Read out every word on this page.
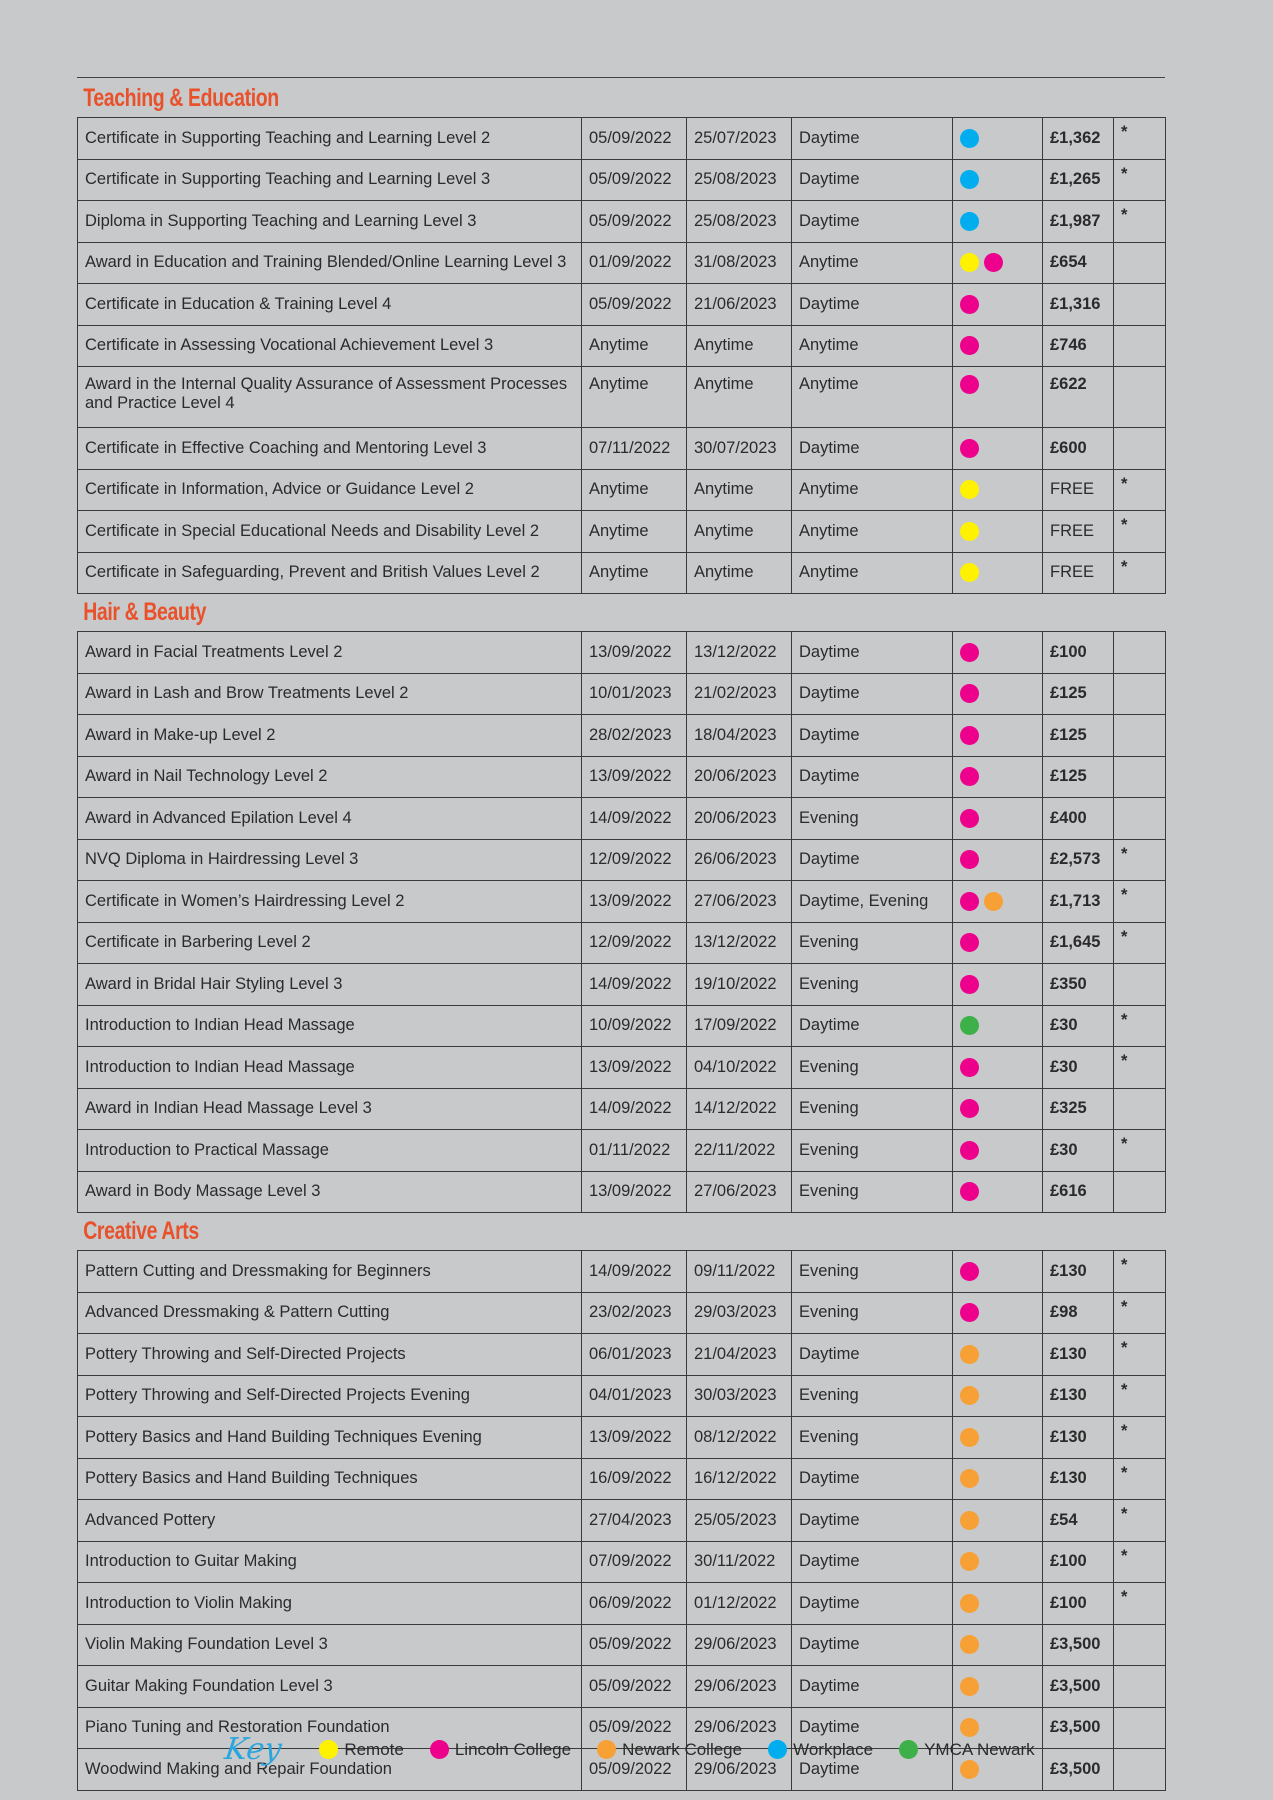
Teaching & Education
Certificate in Supporting Teaching and Learning Level 2	05/09/2022	25/07/2023	Daytime		£1,362	*
Certificate in Supporting Teaching and Learning Level 3	05/09/2022	25/08/2023	Daytime		£1,265	*
Diploma in Supporting Teaching and Learning Level 3	05/09/2022	25/08/2023	Daytime		£1,987	*
Award in Education and Training Blended/Online Learning Level 3	01/09/2022	31/08/2023	Anytime		£654	
Certificate in Education & Training Level 4	05/09/2022	21/06/2023	Daytime		£1,316	
Certificate in Assessing Vocational Achievement Level 3	Anytime	Anytime	Anytime		£746	
Award in the Internal Quality Assurance of Assessment Processes and Practice Level 4	Anytime	Anytime	Anytime		£622	
Certificate in Effective Coaching and Mentoring Level 3	07/11/2022	30/07/2023	Daytime		£600	
Certificate in Information, Advice or Guidance Level 2	Anytime	Anytime	Anytime		FREE	*
Certificate in Special Educational Needs and Disability Level 2	Anytime	Anytime	Anytime		FREE	*
Certificate in Safeguarding, Prevent and British Values Level 2	Anytime	Anytime	Anytime		FREE	*
Hair & Beauty
Award in Facial Treatments Level 2	13/09/2022	13/12/2022	Daytime		£100	
Award in Lash and Brow Treatments Level 2	10/01/2023	21/02/2023	Daytime		£125	
Award in Make-up Level 2	28/02/2023	18/04/2023	Daytime		£125	
Award in Nail Technology Level 2	13/09/2022	20/06/2023	Daytime		£125	
Award in Advanced Epilation Level 4	14/09/2022	20/06/2023	Evening		£400	
NVQ Diploma in Hairdressing Level 3	12/09/2022	26/06/2023	Daytime		£2,573	*
Certificate in Women’s Hairdressing Level 2	13/09/2022	27/06/2023	Daytime, Evening		£1,713	*
Certificate in Barbering Level 2	12/09/2022	13/12/2022	Evening		£1,645	*
Award in Bridal Hair Styling Level 3	14/09/2022	19/10/2022	Evening		£350	
Introduction to Indian Head Massage	10/09/2022	17/09/2022	Daytime		£30	*
Introduction to Indian Head Massage	13/09/2022	04/10/2022	Evening		£30	*
Award in Indian Head Massage Level 3	14/09/2022	14/12/2022	Evening		£325	
Introduction to Practical Massage	01/11/2022	22/11/2022	Evening		£30	*
Award in Body Massage Level 3	13/09/2022	27/06/2023	Evening		£616	
Creative Arts
Pattern Cutting and Dressmaking for Beginners	14/09/2022	09/11/2022	Evening		£130	*
Advanced Dressmaking & Pattern Cutting	23/02/2023	29/03/2023	Evening		£98	*
Pottery Throwing and Self-Directed Projects	06/01/2023	21/04/2023	Daytime		£130	*
Pottery Throwing and Self-Directed Projects Evening	04/01/2023	30/03/2023	Evening		£130	*
Pottery Basics and Hand Building Techniques Evening	13/09/2022	08/12/2022	Evening		£130	*
Pottery Basics and Hand Building Techniques	16/09/2022	16/12/2022	Daytime		£130	*
Advanced Pottery	27/04/2023	25/05/2023	Daytime		£54	*
Introduction to Guitar Making	07/09/2022	30/11/2022	Daytime		£100	*
Introduction to Violin Making	06/09/2022	01/12/2022	Daytime		£100	*
Violin Making Foundation Level 3	05/09/2022	29/06/2023	Daytime		£3,500	
Guitar Making Foundation Level 3	05/09/2022	29/06/2023	Daytime		£3,500	
Piano Tuning and Restoration Foundation	05/09/2022	29/06/2023	Daytime		£3,500	
Woodwind Making and Repair Foundation	05/09/2022	29/06/2023	Daytime		£3,500	
Key	Remote	Lincoln College	Newark College	Workplace	YMCA Newark
